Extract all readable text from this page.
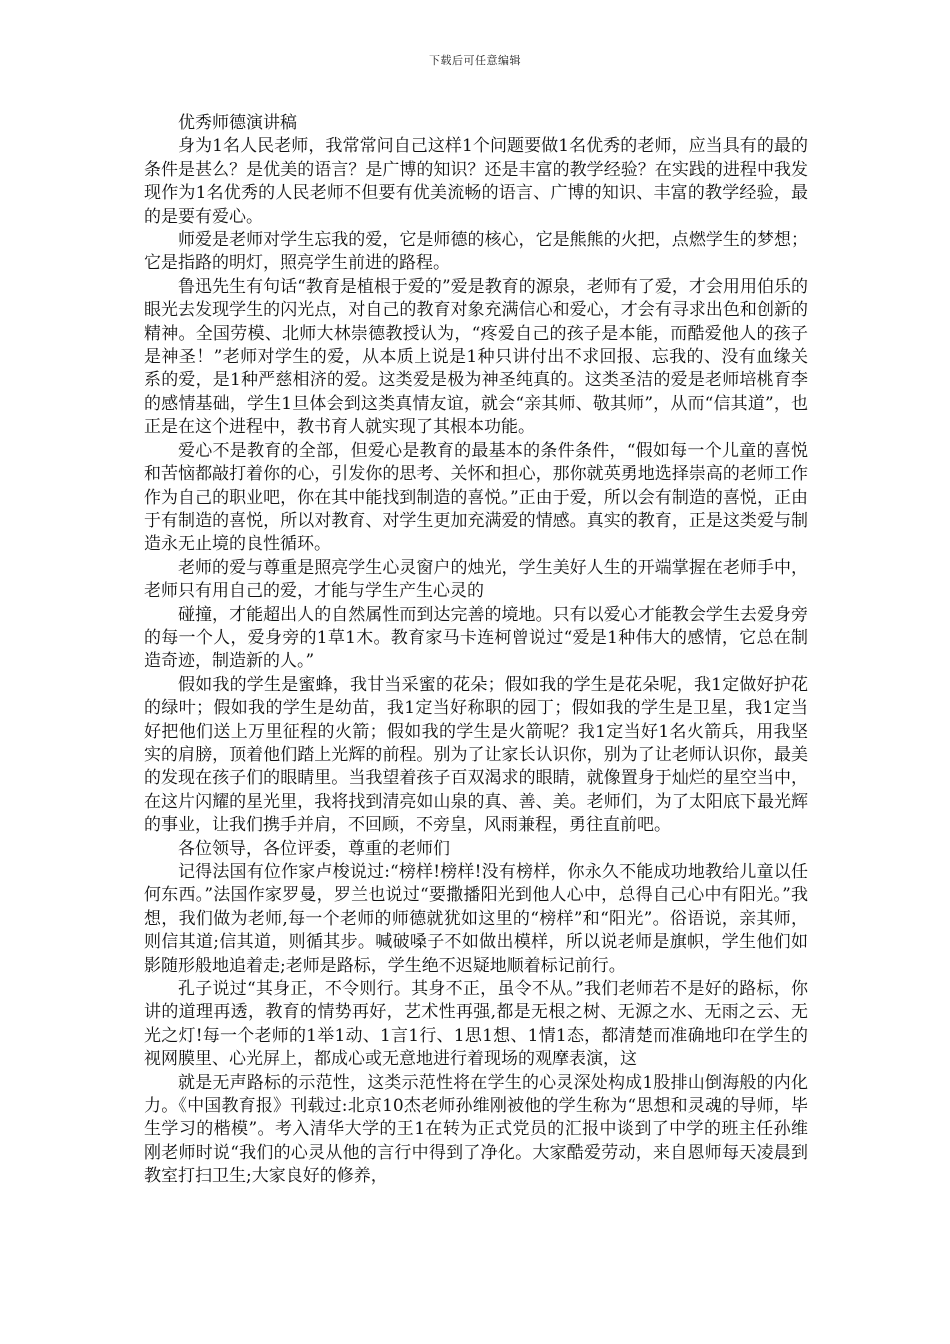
下载后可任意编辑

优秀师德演讲稿

身为1名人民老师，我常常问自己这样1个问题要做1名优秀的老师，应当具有的最的条件是甚么？是优美的语言？是广博的知识？还是丰富的教学经验？在实践的进程中我发现作为1名优秀的人民老师不但要有优美流畅的语言、广博的知识、丰富的教学经验，最的是要有爱心。

师爱是老师对学生忘我的爱，它是师德的核心，它是熊熊的火把，点燃学生的梦想；它是指路的明灯，照亮学生前进的路程。

鲁迅先生有句话“教育是植根于爱的”爱是教育的源泉，老师有了爱，才会用用伯乐的眼光去发现学生的闪光点，对自己的教育对象充满信心和爱心，才会有寻求出色和创新的精神。全国劳模、北师大林崇德教授认为，“疼爱自己的孩子是本能，而酷爱他人的孩子是神圣！”老师对学生的爱，从本质上说是1种只讲付出不求回报、忘我的、没有血缘关系的爱，是1种严慈相济的爱。这类爱是极为神圣纯真的。这类圣洁的爱是老师培桃育李的感情基础，学生1旦体会到这类真情友谊，就会“亲其师、敬其师”，从而“信其道”，也正是在这个进程中，教书育人就实现了其根本功能。

爱心不是教育的全部，但爱心是教育的最基本的条件条件，“假如每一个儿童的喜悦和苦恼都敲打着你的心，引发你的思考、关怀和担心，那你就英勇地选择崇高的老师工作作为自己的职业吧，你在其中能找到制造的喜悦。”正由于爱，所以会有制造的喜悦，正由于有制造的喜悦，所以对教育、对学生更加充满爱的情感。真实的教育，正是这类爱与制造永无止境的良性循环。

老师的爱与尊重是照亮学生心灵窗户的烛光，学生美好人生的开端掌握在老师手中，老师只有用自己的爱，才能与学生产生心灵的

碰撞，才能超出人的自然属性而到达完善的境地。只有以爱心才能教会学生去爱身旁的每一个人，爱身旁的1草1木。教育家马卡连柯曾说过“爱是1种伟大的感情，它总在制造奇迹，制造新的人。”

假如我的学生是蜜蜂，我甘当采蜜的花朵；假如我的学生是花朵呢，我1定做好护花的绿叶；假如我的学生是幼苗，我1定当好称职的园丁；假如我的学生是卫星，我1定当好把他们送上万里征程的火箭；假如我的学生是火箭呢？我1定当好1名火箭兵，用我坚实的肩膀，顶着他们踏上光辉的前程。别为了让家长认识你，别为了让老师认识你，最美的发现在孩子们的眼睛里。当我望着孩子百双渴求的眼睛，就像置身于灿烂的星空当中，在这片闪耀的星光里，我将找到清亮如山泉的真、善、美。老师们，为了太阳底下最光辉的事业，让我们携手并肩，不回顾，不旁皇，风雨兼程，勇往直前吧。

各位领导，各位评委，尊重的老师们

记得法国有位作家卢梭说过:“榜样!榜样!没有榜样，你永久不能成功地教给儿童以任何东西。”法国作家罗曼，罗兰也说过“要撒播阳光到他人心中，总得自己心中有阳光。”我想，我们做为老师,每一个老师的师德就犹如这里的“榜样”和“阳光”。俗语说，亲其师，则信其道;信其道，则循其步。喊破嗓子不如做出模样，所以说老师是旗帜，学生他们如影随形般地追着走;老师是路标，学生绝不迟疑地顺着标记前行。

孔子说过“其身正，不令则行。其身不正，虽令不从。”我们老师若不是好的路标，你讲的道理再透，教育的情势再好，艺术性再强,都是无根之树、无源之水、无雨之云、无光之灯!每一个老师的1举1动、1言1行、1思1想、1情1态，都清楚而准确地印在学生的视网膜里、心光屏上，都成心或无意地进行着现场的观摩表演，这

就是无声路标的示范性，这类示范性将在学生的心灵深处构成1股排山倒海般的内化力。《中国教育报》刊载过:北京10杰老师孙维刚被他的学生称为“思想和灵魂的导师，毕生学习的楷模”。考入清华大学的王1在转为正式党员的汇报中谈到了中学的班主任孙维刚老师时说“我们的心灵从他的言行中得到了净化。大家酷爱劳动，来自恩师每天凌晨到教室打扫卫生;大家良好的修养，
